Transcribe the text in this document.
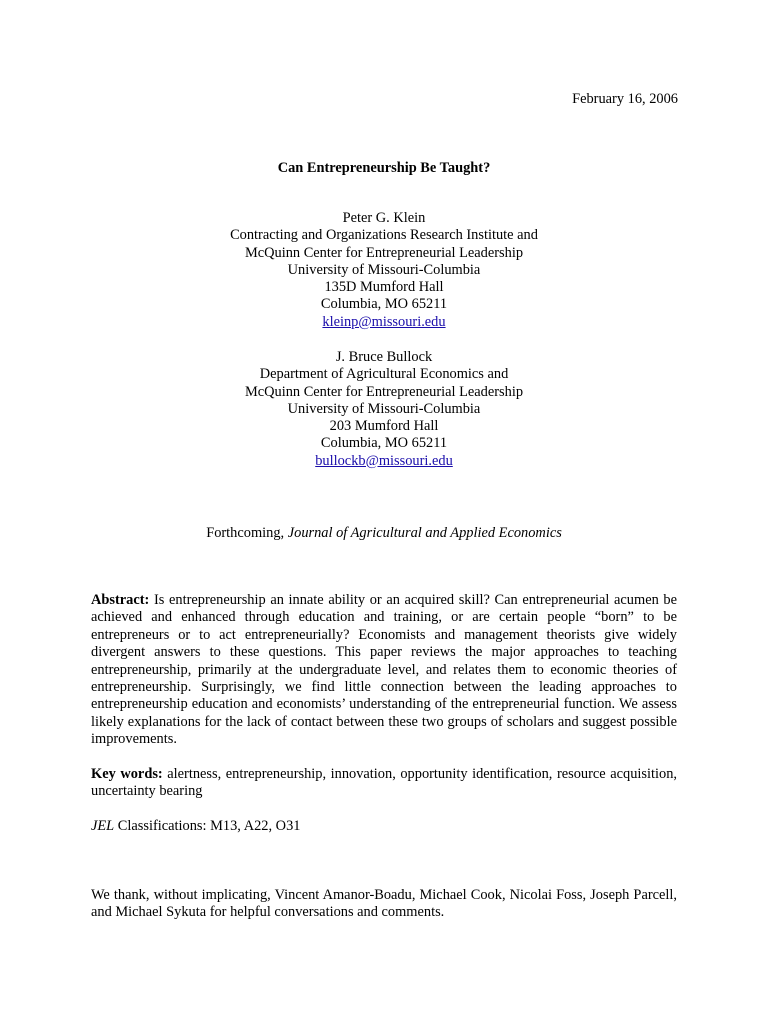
February 16, 2006
Can Entrepreneurship Be Taught?
Peter G. Klein
Contracting and Organizations Research Institute and
McQuinn Center for Entrepreneurial Leadership
University of Missouri-Columbia
135D Mumford Hall
Columbia, MO 65211
kleinp@missouri.edu
J. Bruce Bullock
Department of Agricultural Economics and
McQuinn Center for Entrepreneurial Leadership
University of Missouri-Columbia
203 Mumford Hall
Columbia, MO 65211
bullockb@missouri.edu
Forthcoming, Journal of Agricultural and Applied Economics
Abstract: Is entrepreneurship an innate ability or an acquired skill? Can entrepreneurial acumen be achieved and enhanced through education and training, or are certain people “born” to be entrepreneurs or to act entrepreneurially? Economists and management theorists give widely divergent answers to these questions. This paper reviews the major approaches to teaching entrepreneurship, primarily at the undergraduate level, and relates them to economic theories of entrepreneurship. Surprisingly, we find little connection between the leading approaches to entrepreneurship education and economists’ understanding of the entrepreneurial function. We assess likely explanations for the lack of contact between these two groups of scholars and suggest possible improvements.
Key words: alertness, entrepreneurship, innovation, opportunity identification, resource acquisition, uncertainty bearing
JEL Classifications: M13, A22, O31
We thank, without implicating, Vincent Amanor-Boadu, Michael Cook, Nicolai Foss, Joseph Parcell, and Michael Sykuta for helpful conversations and comments.
